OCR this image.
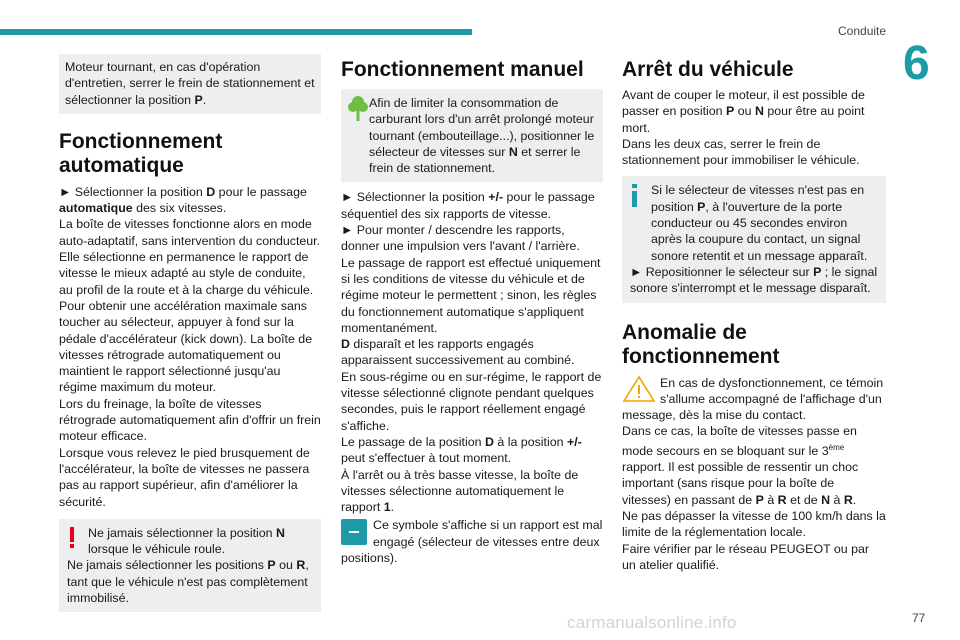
Conduite
6

Moteur tournant, en cas d'opération d'entretien, serrer le frein de stationnement et sélectionner la position P.

Fonctionnement automatique

► Sélectionner la position D pour le passage automatique des six vitesses.

La boîte de vitesses fonctionne alors en mode auto-adaptatif, sans intervention du conducteur.

Elle sélectionne en permanence le rapport de vitesse le mieux adapté au style de conduite, au profil de la route et à la charge du véhicule.

Pour obtenir une accélération maximale sans toucher au sélecteur, appuyer à fond sur la pédale d'accélérateur (kick down). La boîte de vitesses rétrograde automatiquement ou maintient le rapport sélectionné jusqu'au régime maximum du moteur.

Lors du freinage, la boîte de vitesses rétrograde automatiquement afin d'offrir un frein moteur efficace.

Lorsque vous relevez le pied brusquement de l'accélérateur, la boîte de vitesses ne passera pas au rapport supérieur, afin d'améliorer la sécurité.

Ne jamais sélectionner la position N lorsque le véhicule roule.

Ne jamais sélectionner les positions P ou R, tant que le véhicule n'est pas complètement immobilisé.

Fonctionnement manuel

Afin de limiter la consommation de carburant lors d'un arrêt prolongé moteur tournant (embouteillage...), positionner le sélecteur de vitesses sur N et serrer le frein de stationnement.

► Sélectionner la position +/- pour le passage séquentiel des six rapports de vitesse.

► Pour monter / descendre les rapports, donner une impulsion vers l'avant / l'arrière.

Le passage de rapport est effectué uniquement si les conditions de vitesse du véhicule et de régime moteur le permettent ; sinon, les règles du fonctionnement automatique s'appliquent momentanément.

D disparaît et les rapports engagés apparaissent successivement au combiné.

En sous-régime ou en sur-régime, le rapport de vitesse sélectionné clignote pendant quelques secondes, puis le rapport réellement engagé s'affiche.

Le passage de la position D à la position +/- peut s'effectuer à tout moment.

À l'arrêt ou à très basse vitesse, la boîte de vitesses sélectionne automatiquement le rapport 1.

Ce symbole s'affiche si un rapport est mal engagé (sélecteur de vitesses entre deux positions).

Arrêt du véhicule

Avant de couper le moteur, il est possible de passer en position P ou N pour être au point mort.

Dans les deux cas, serrer le frein de stationnement pour immobiliser le véhicule.

Si le sélecteur de vitesses n'est pas en position P, à l'ouverture de la porte conducteur ou 45 secondes environ après la coupure du contact, un signal sonore retentit et un message apparaît.

► Repositionner le sélecteur sur P ; le signal sonore s'interrompt et le message disparaît.

Anomalie de fonctionnement

En cas de dysfonctionnement, ce témoin s'allume accompagné de l'affichage d'un message, dès la mise du contact.

Dans ce cas, la boîte de vitesses passe en mode secours en se bloquant sur le 3ème rapport. Il est possible de ressentir un choc important (sans risque pour la boîte de vitesses) en passant de P à R et de N à R.

Ne pas dépasser la vitesse de 100 km/h dans la limite de la réglementation locale.

Faire vérifier par le réseau PEUGEOT ou par un atelier qualifié.

carmanualsonline.info	77
